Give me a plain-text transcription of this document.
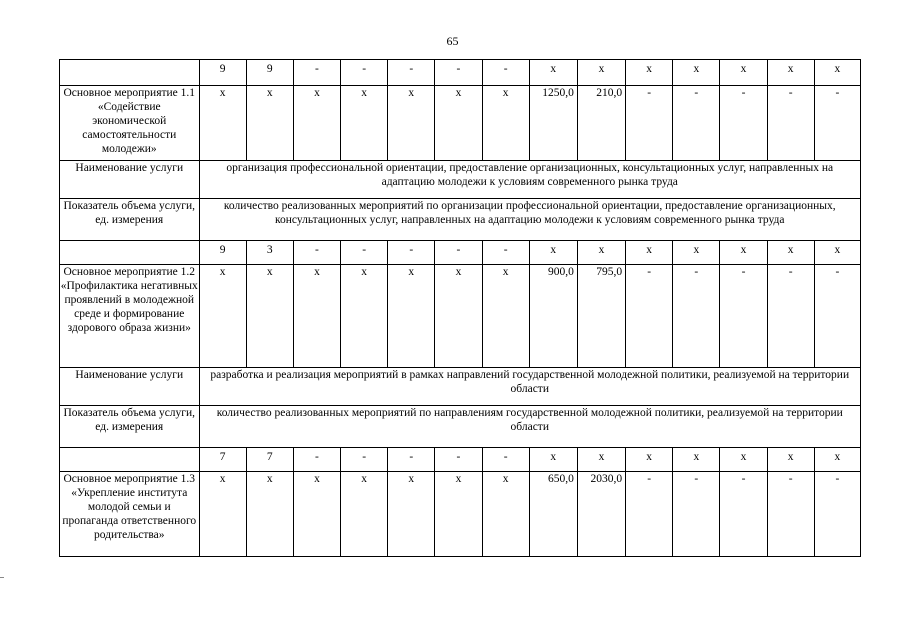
65
	9	9	-	-	-	-	-	х	х	х	х	х	х	х
Основное мероприятие 1.1 «Содействие экономической самостоятельности молодежи»	х	х	х	х	х	х	х	1250,0	210,0	-	-	-	-	-
Наименование услуги	организация профессиональной ориентации, предоставление организационных, консультационных услуг, направленных на адаптацию молодежи к условиям современного рынка труда													
Показатель объема услуги, ед. измерения	количество реализованных мероприятий по организации профессиональной ориентации, предоставление организационных, консультационных услуг, направленных на адаптацию молодежи к условиям современного рынка труда													
	9	3	-	-	-	-	-	х	х	х	х	х	х	х
Основное мероприятие 1.2 «Профилактика негативных проявлений в молодежной среде и формирование здорового образа жизни»	х	х	х	х	х	х	х	900,0	795,0	-	-	-	-	-
Наименование услуги	разработка и реализация мероприятий в рамках направлений государственной молодежной политики, реализуемой на территории области													
Показатель объема услуги, ед. измерения	количество реализованных мероприятий по направлениям государственной молодежной политики, реализуемой на территории области													
	7	7	-	-	-	-	-	х	х	х	х	х	х	х
Основное мероприятие 1.3 «Укрепление института молодой семьи и пропаганда ответственного родительства»	х	х	х	х	х	х	х	650,0	2030,0	-	-	-	-	-
